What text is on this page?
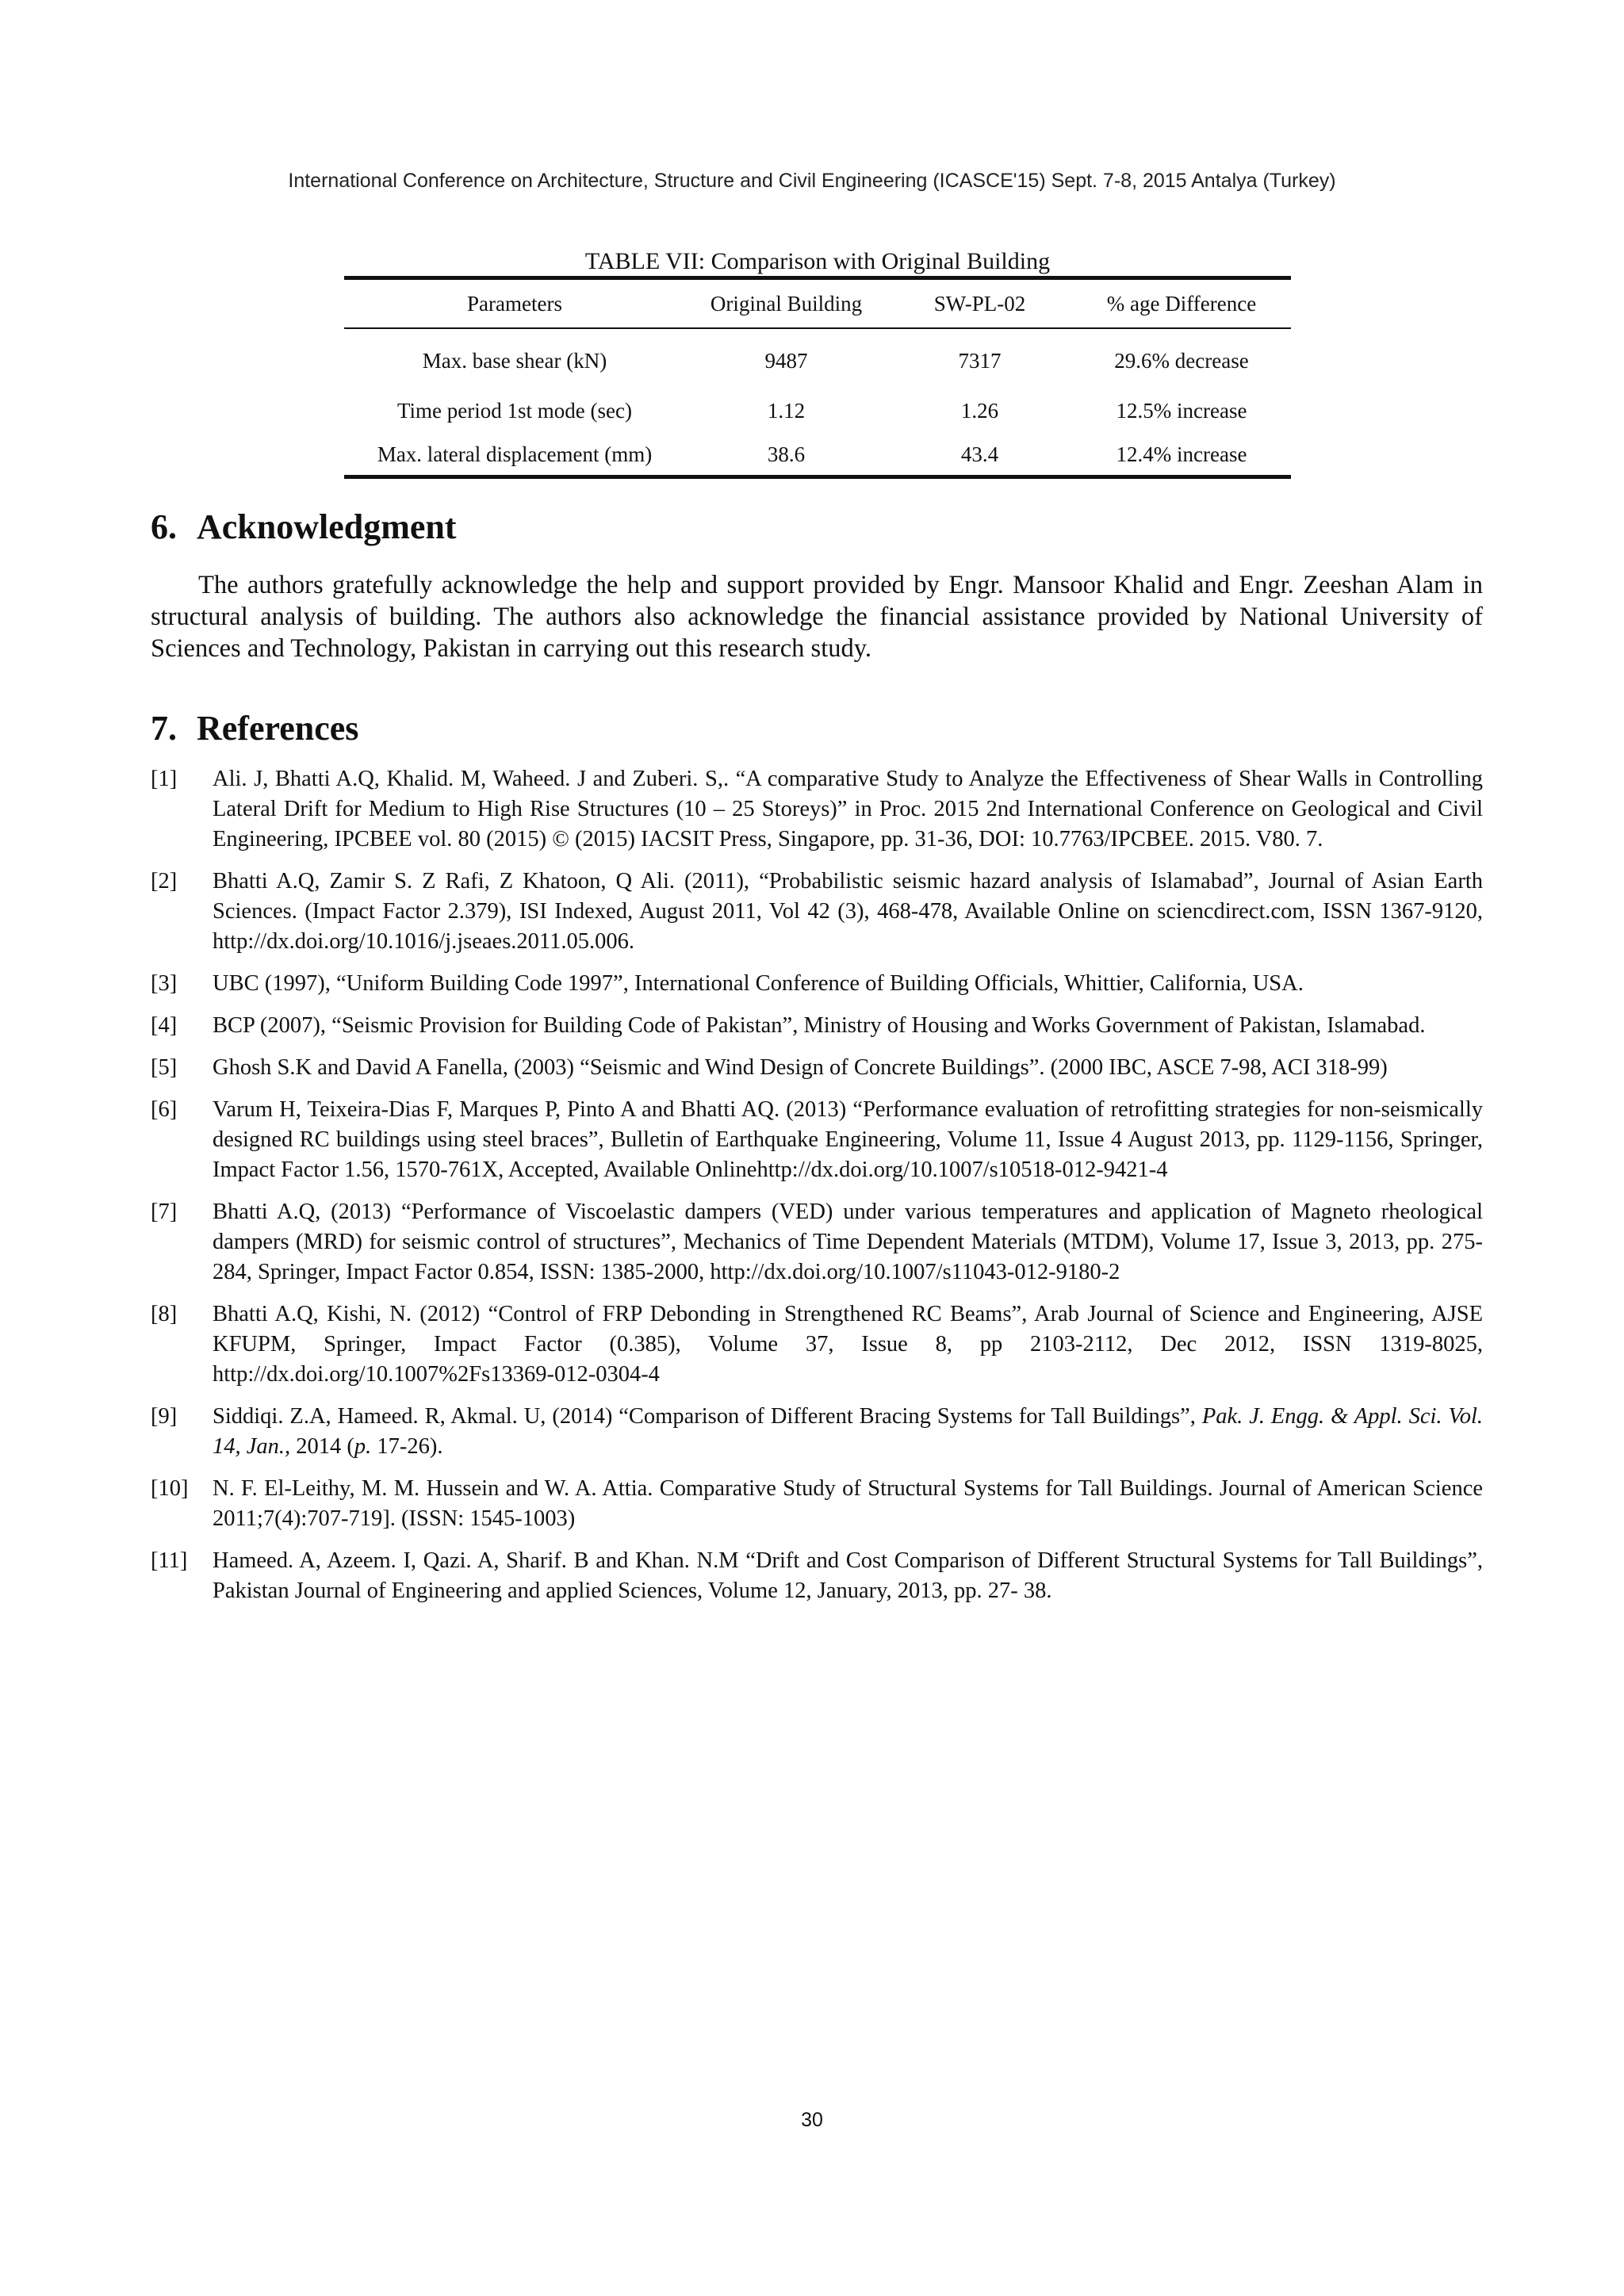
International Conference on Architecture, Structure and Civil Engineering (ICASCE'15) Sept. 7-8, 2015 Antalya (Turkey)
TABLE VII: Comparison with Original Building
Parameters	Original Building	SW-PL-02	% age Difference
Max. base shear (kN)	9487	7317	29.6% decrease
Time period 1st mode (sec)	1.12	1.26	12.5% increase
Max. lateral displacement (mm)	38.6	43.4	12.4% increase
6. Acknowledgment

The authors gratefully acknowledge the help and support provided by Engr. Mansoor Khalid and Engr. Zeeshan Alam in structural analysis of building. The authors also acknowledge the financial assistance provided by National University of Sciences and Technology, Pakistan in carrying out this research study.

7. References
[1]	Ali. J, Bhatti A.Q, Khalid. M, Waheed. J and Zuberi. S,. “A comparative Study to Analyze the Effectiveness of Shear Walls in Controlling Lateral Drift for Medium to High Rise Structures (10 – 25 Storeys)” in Proc. 2015 2nd International Conference on Geological and Civil Engineering, IPCBEE vol. 80 (2015) © (2015) IACSIT Press, Singapore, pp. 31-36, DOI: 10.7763/IPCBEE. 2015. V80. 7.
[2]	Bhatti A.Q, Zamir S. Z Rafi, Z Khatoon, Q Ali. (2011), “Probabilistic seismic hazard analysis of Islamabad”, Journal of Asian Earth Sciences. (Impact Factor 2.379), ISI Indexed, August 2011, Vol 42 (3), 468-478, Available Online on sciencdirect.com, ISSN 1367-9120, http://dx.doi.org/10.1016/j.jseaes.2011.05.006.
[3]	UBC (1997), “Uniform Building Code 1997”, International Conference of Building Officials, Whittier, California, USA.
[4]	BCP (2007), “Seismic Provision for Building Code of Pakistan”, Ministry of Housing and Works Government of Pakistan, Islamabad.
[5]	Ghosh S.K and David A Fanella, (2003) “Seismic and Wind Design of Concrete Buildings”. (2000 IBC, ASCE 7-98, ACI 318-99)
[6]	Varum H, Teixeira-Dias F, Marques P, Pinto A and Bhatti AQ. (2013) “Performance evaluation of retrofitting strategies for non-seismically designed RC buildings using steel braces”, Bulletin of Earthquake Engineering, Volume 11, Issue 4 August 2013, pp. 1129-1156, Springer, Impact Factor 1.56, 1570-761X, Accepted, Available Onlinehttp://dx.doi.org/10.1007/s10518-012-9421-4
[7]	Bhatti A.Q, (2013) “Performance of Viscoelastic dampers (VED) under various temperatures and application of Magneto rheological dampers (MRD) for seismic control of structures”, Mechanics of Time Dependent Materials (MTDM), Volume 17, Issue 3, 2013, pp. 275-284, Springer, Impact Factor 0.854, ISSN: 1385-2000, http://dx.doi.org/10.1007/s11043-012-9180-2
[8]	Bhatti A.Q, Kishi, N. (2012) “Control of FRP Debonding in Strengthened RC Beams”, Arab Journal of Science and Engineering, AJSE KFUPM, Springer, Impact Factor (0.385), Volume 37, Issue 8, pp 2103-2112, Dec 2012, ISSN 1319-8025, http://dx.doi.org/10.1007%2Fs13369-012-0304-4
[9]	Siddiqi. Z.A, Hameed. R, Akmal. U, (2014) “Comparison of Different Bracing Systems for Tall Buildings”, Pak. J. Engg. & Appl. Sci. Vol. 14, Jan., 2014 (p. 17-26).
[10]	N. F. El-Leithy, M. M. Hussein and W. A. Attia. Comparative Study of Structural Systems for Tall Buildings. Journal of American Science 2011;7(4):707-719]. (ISSN: 1545-1003)
[11]	Hameed. A, Azeem. I, Qazi. A, Sharif. B and Khan. N.M “Drift and Cost Comparison of Different Structural Systems for Tall Buildings”, Pakistan Journal of Engineering and applied Sciences, Volume 12, January, 2013, pp. 27- 38.
30
